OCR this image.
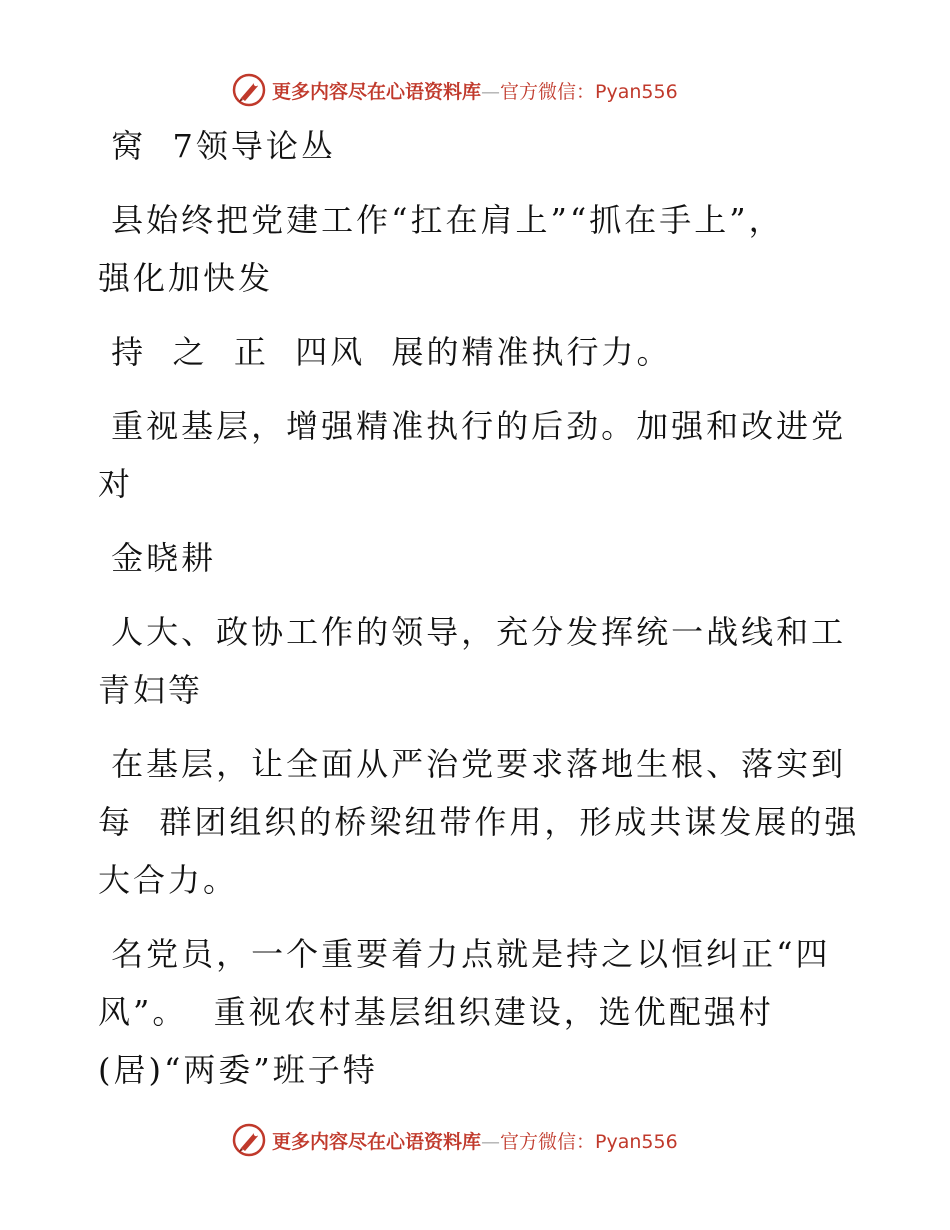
更多内容尽在心语资料库—官方微信：Pyan556
窝  7领导论丛
县始终把党建工作“扛在肩上”“抓在手上”，
强化加快发
持  之  正  四风  展的精准执行力。
重视基层，增强精准执行的后劲。加强和改进党
对
金晓耕
人大、政协工作的领导，充分发挥统一战线和工
青妇等
在基层，让全面从严治党要求落地生根、落实到
每  群团组织的桥梁纽带作用，形成共谋发展的强
大合力。
名党员，一个重要着力点就是持之以恒纠正“四
风”。  重视农村基层组织建设，选优配强村
(居)“两委”班子特
更多内容尽在心语资料库—官方微信：Pyan556
